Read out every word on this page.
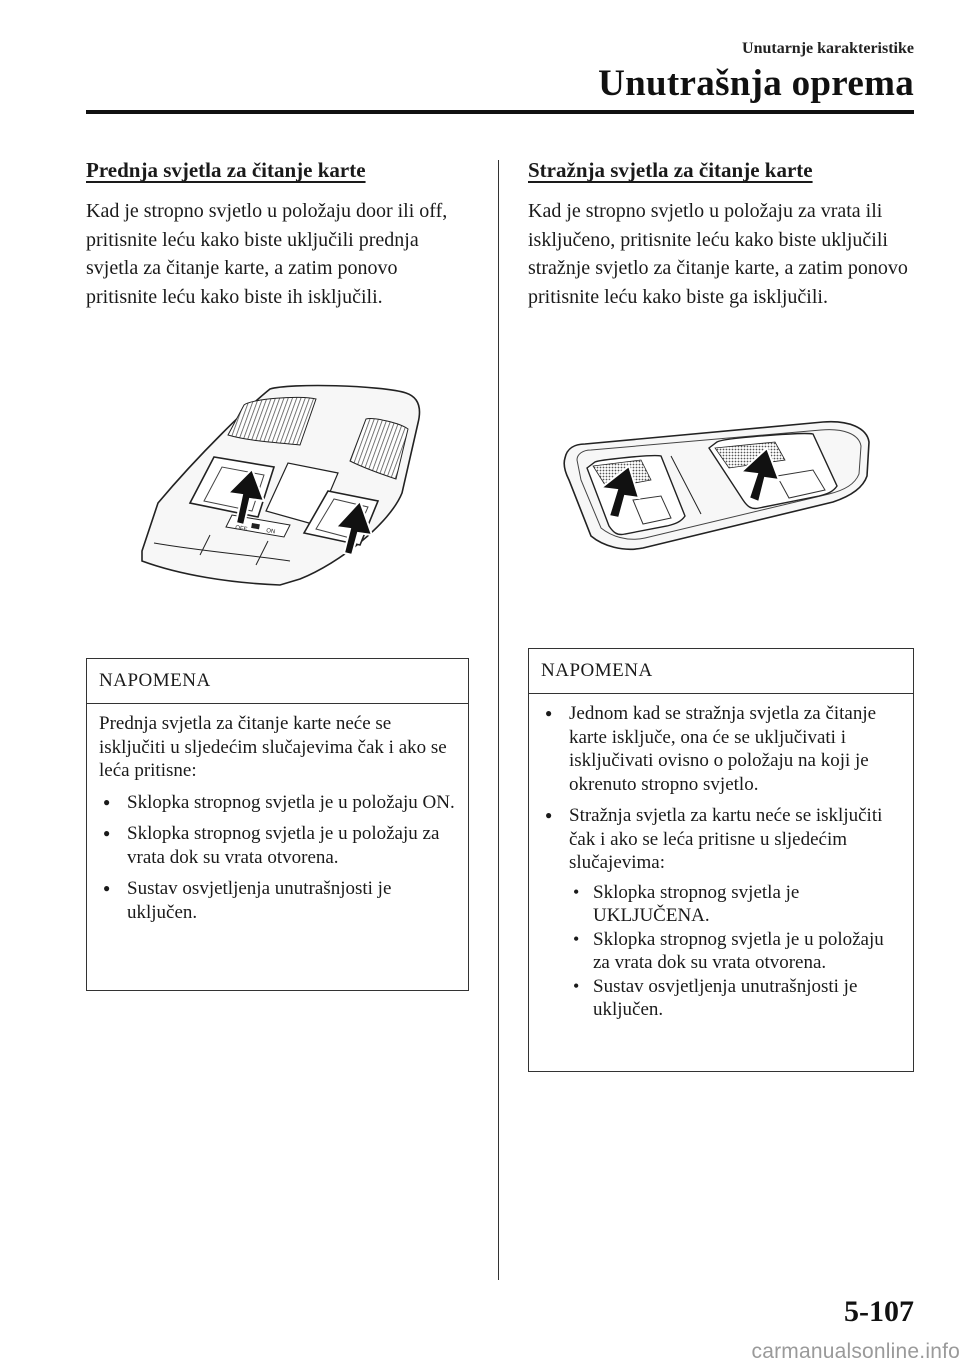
Unutarnje karakteristike
Unutrašnja oprema
Prednja svjetla za čitanje karte

Kad je stropno svjetlo u položaju door ili off, pritisnite leću kako biste uključili prednja svjetla za čitanje karte, a zatim ponovo pritisnite leću kako biste ih isključili.

OFF	ON
NAPOMENA

Prednja svjetla za čitanje karte neće se isključiti u sljedećim slučajevima čak i ako se leća pritisne:

● Sklopka stropnog svjetla je u položaju ON.
● Sklopka stropnog svjetla je u položaju za vrata dok su vrata otvorena.
● Sustav osvjetljenja unutrašnjosti je uključen.
Stražnja svjetla za čitanje karte

Kad je stropno svjetlo u položaju za vrata ili isključeno, pritisnite leću kako biste uključili stražnje svjetlo za čitanje karte, a zatim ponovo pritisnite leću kako biste ga isključili.

NAPOMENA
● Jednom kad se stražnja svjetla za čitanje karte isključe, ona će se uključivati i isključivati ovisno o položaju na koji je okrenuto stropno svjetlo.
● Stražnja svjetla za kartu neće se isključiti čak i ako se leća pritisne u sljedećim slučajevima:
• Sklopka stropnog svjetla je UKLJUČENA.
• Sklopka stropnog svjetla je u položaju za vrata dok su vrata otvorena.
• Sustav osvjetljenja unutrašnjosti je uključen.
5-107
carmanualsonline.info
